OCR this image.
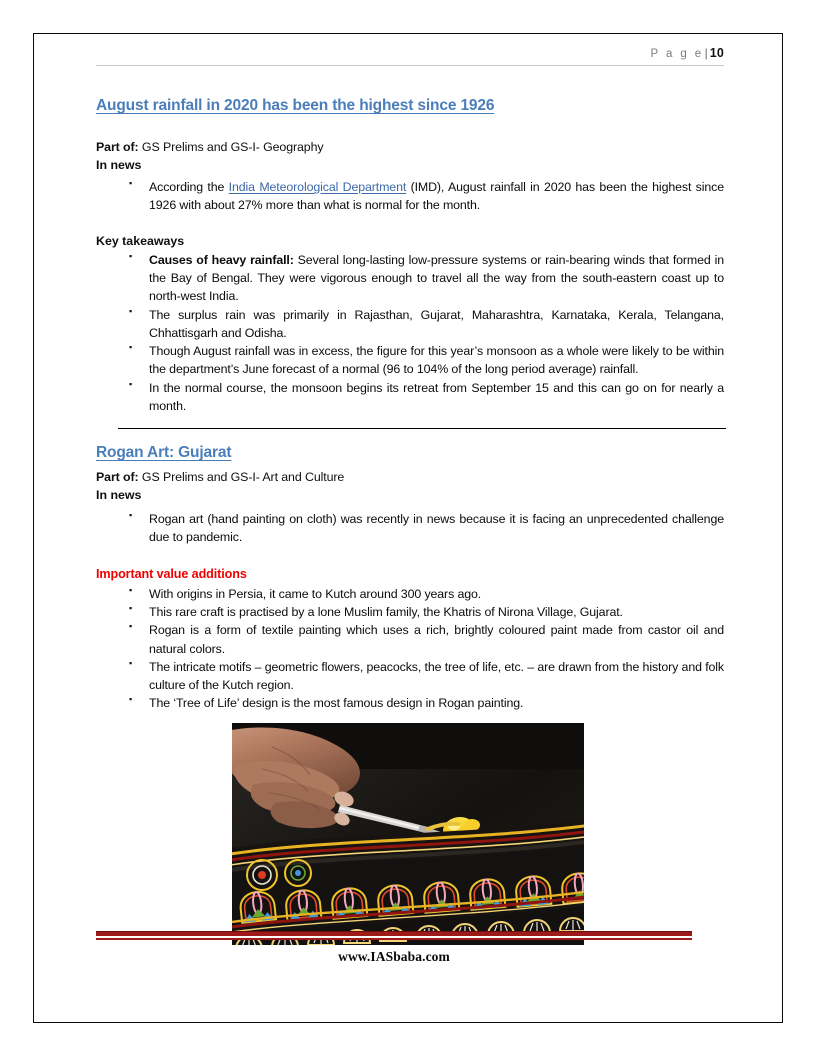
P a g e| 10
August rainfall in 2020 has been the highest since 1926
Part of: GS Prelims and GS-I- Geography
In news
▪ According the India Meteorological Department (IMD), August rainfall in 2020 has been the highest since 1926 with about 27% more than what is normal for the month.
Key takeaways
▪ Causes of heavy rainfall: Several long-lasting low-pressure systems or rain-bearing winds that formed in the Bay of Bengal. They were vigorous enough to travel all the way from the south-eastern coast up to north-west India.
▪ The surplus rain was primarily in Rajasthan, Gujarat, Maharashtra, Karnataka, Kerala, Telangana, Chhattisgarh and Odisha.
▪ Though August rainfall was in excess, the figure for this year’s monsoon as a whole were likely to be within the department’s June forecast of a normal (96 to 104% of the long period average) rainfall.
▪ In the normal course, the monsoon begins its retreat from September 15 and this can go on for nearly a month.
Rogan Art: Gujarat
Part of: GS Prelims and GS-I- Art and Culture
In news
▪ Rogan art (hand painting on cloth) was recently in news because it is facing an unprecedented challenge due to pandemic.
Important value additions
▪ With origins in Persia, it came to Kutch around 300 years ago.
▪ This rare craft is practised by a lone Muslim family, the Khatris of Nirona Village, Gujarat.
▪ Rogan is a form of textile painting which uses a rich, brightly coloured paint made from castor oil and natural colors.
▪ The intricate motifs – geometric flowers, peacocks, the tree of life, etc. – are drawn from the history and folk culture of the Kutch region.
▪ The ‘Tree of Life’ design is the most famous design in Rogan painting.
www.IASbaba.com
